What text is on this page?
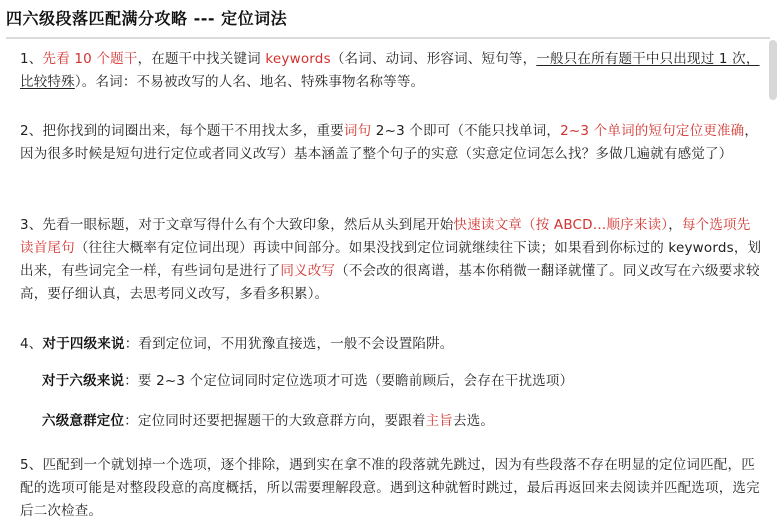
四六级段落匹配满分攻略 --- 定位词法
1、先看 10 个题干，在题干中找关键词 keywords（名词、动词、形容词、短句等，一般只在所有题干中只出现过 1 次，比较特殊）。名词：不易被改写的人名、地名、特殊事物名称等等。
2、把你找到的词圈出来，每个题干不用找太多，重要词句 2~3 个即可（不能只找单词，2~3 个单词的短句定位更准确，因为很多时候是短句进行定位或者同义改写）基本涵盖了整个句子的实意（实意定位词怎么找？多做几遍就有感觉了）
3、先看一眼标题，对于文章写得什么有个大致印象，然后从头到尾开始快速读文章（按 ABCD…顺序来读），每个选项先读首尾句（往往大概率有定位词出现）再读中间部分。如果没找到定位词就继续往下读；如果看到你标过的 keywords，划出来，有些词完全一样，有些词句是进行了同义改写（不会改的很离谱，基本你稍微一翻译就懂了。同义改写在六级要求较高，要仔细认真，去思考同义改写，多看多积累）。
4、对于四级来说：看到定位词，不用犹豫直接选，一般不会设置陷阱。
对于六级来说：要 2~3 个定位词同时定位选项才可选（要瞻前顾后，会存在干扰选项）
六级意群定位：定位同时还要把握题干的大致意群方向，要跟着主旨去选。
5、匹配到一个就划掉一个选项，逐个排除，遇到实在拿不准的段落就先跳过，因为有些段落不存在明显的定位词匹配，匹配的选项可能是对整段段意的高度概括，所以需要理解段意。遇到这种就暂时跳过，最后再返回来去阅读并匹配选项，选完后二次检查。
